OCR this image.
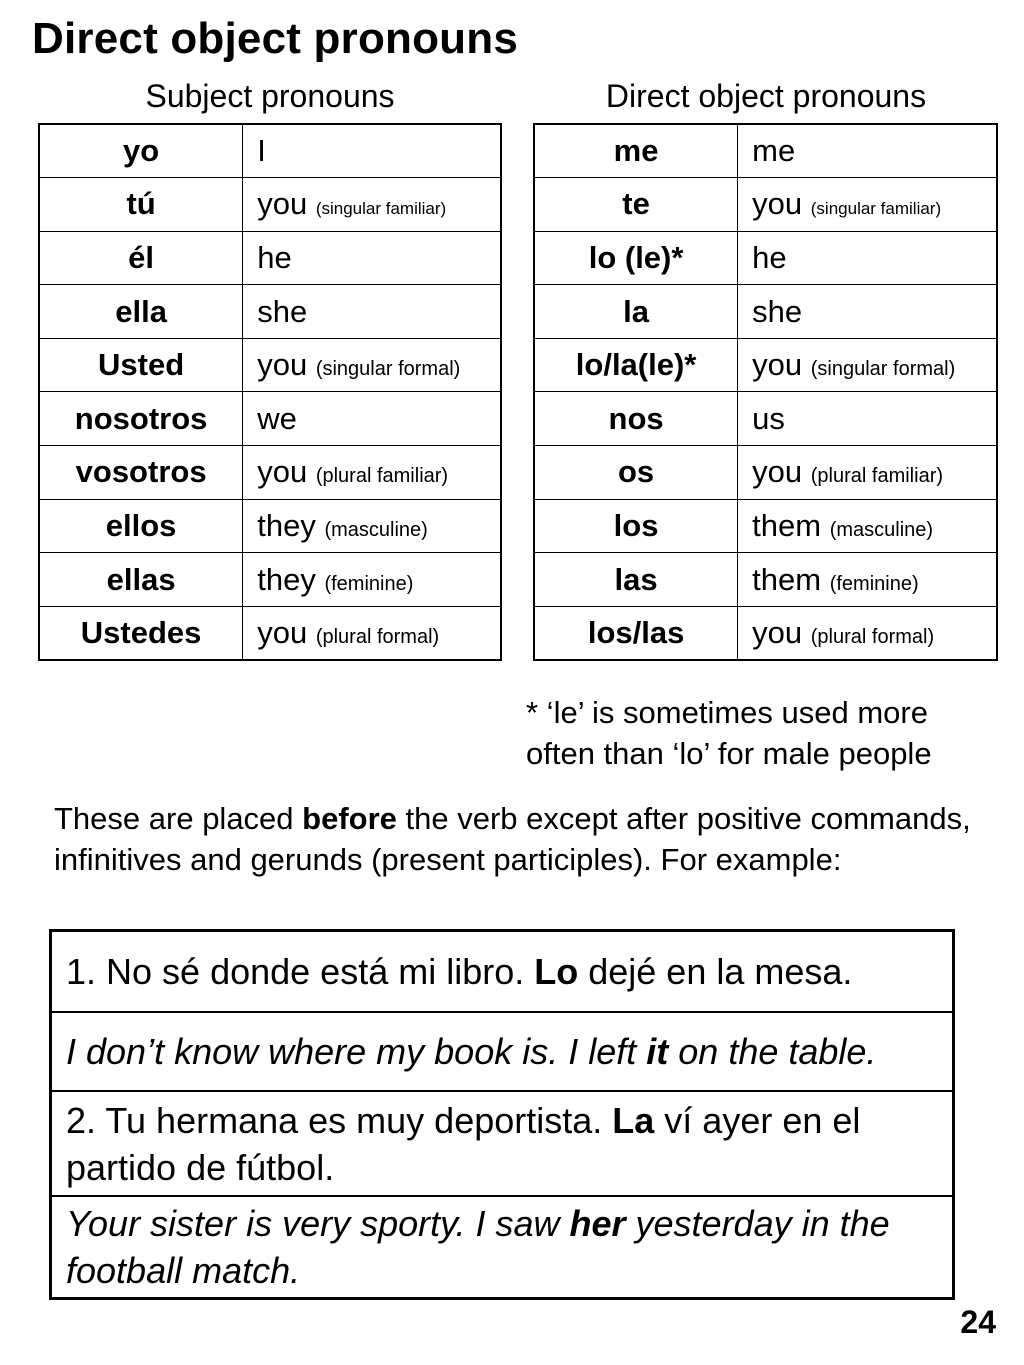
Direct object pronouns
Subject pronouns	Direct object pronouns
yo	I
tú	you (singular familiar)
él	he
ella	she
Usted	you (singular formal)
nosotros	we
vosotros	you (plural familiar)
ellos	they (masculine)
ellas	they (feminine)
Ustedes	you (plural formal)
me	me
te	you (singular familiar)
lo (le)*	he
la	she
lo/la(le)*	you (singular formal)
nos	us
os	you (plural familiar)
los	them (masculine)
las	them (feminine)
los/las	you (plural formal)
* ‘le’ is sometimes used more
often than ‘lo’ for male people
These are placed before the verb except after positive commands, infinitives and gerunds (present participles). For example:
1. No sé donde está mi libro. Lo dejé en la mesa.
I don’t know where my book is. I left it on the table.
2. Tu hermana es muy deportista. La ví ayer en el partido de fútbol.
Your sister is very sporty. I saw her yesterday in the football match.
24
